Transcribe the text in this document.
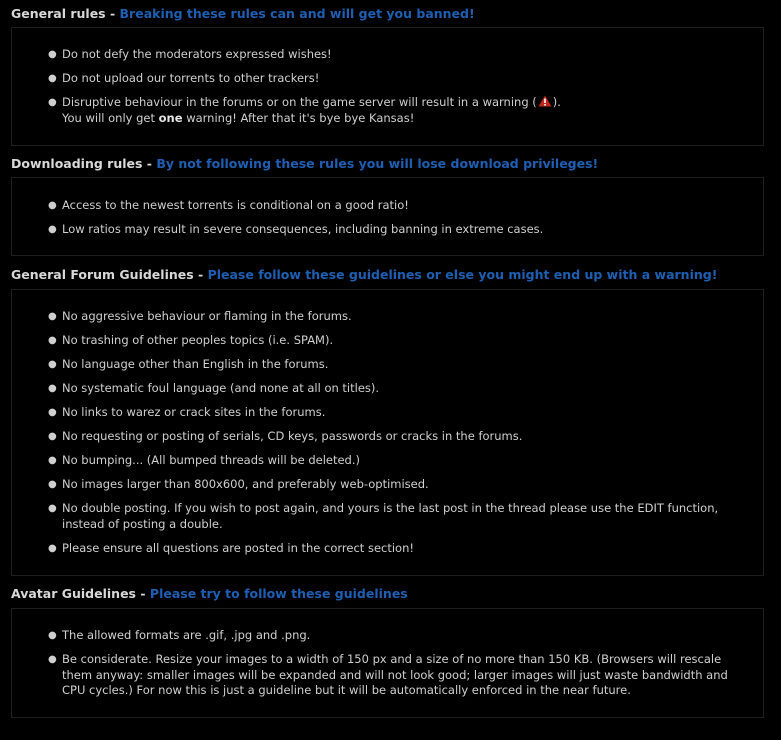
General rules - Breaking these rules can and will get you banned!
● Do not defy the moderators expressed wishes!
● Do not upload our torrents to other trackers!
● Disruptive behaviour in the forums or on the game server will result in a warning ( ).
You will only get one warning! After that it's bye bye Kansas!
Downloading rules - By not following these rules you will lose download privileges!
● Access to the newest torrents is conditional on a good ratio!
● Low ratios may result in severe consequences, including banning in extreme cases.
General Forum Guidelines - Please follow these guidelines or else you might end up with a warning!
● No aggressive behaviour or flaming in the forums.
● No trashing of other peoples topics (i.e. SPAM).
● No language other than English in the forums.
● No systematic foul language (and none at all on titles).
● No links to warez or crack sites in the forums.
● No requesting or posting of serials, CD keys, passwords or cracks in the forums.
● No bumping... (All bumped threads will be deleted.)
● No images larger than 800x600, and preferably web-optimised.
● No double posting. If you wish to post again, and yours is the last post in the thread please use the EDIT function, instead of posting a double.
● Please ensure all questions are posted in the correct section!
Avatar Guidelines - Please try to follow these guidelines
● The allowed formats are .gif, .jpg and .png.
● Be considerate. Resize your images to a width of 150 px and a size of no more than 150 KB. (Browsers will rescale them anyway: smaller images will be expanded and will not look good; larger images will just waste bandwidth and CPU cycles.) For now this is just a guideline but it will be automatically enforced in the near future.
